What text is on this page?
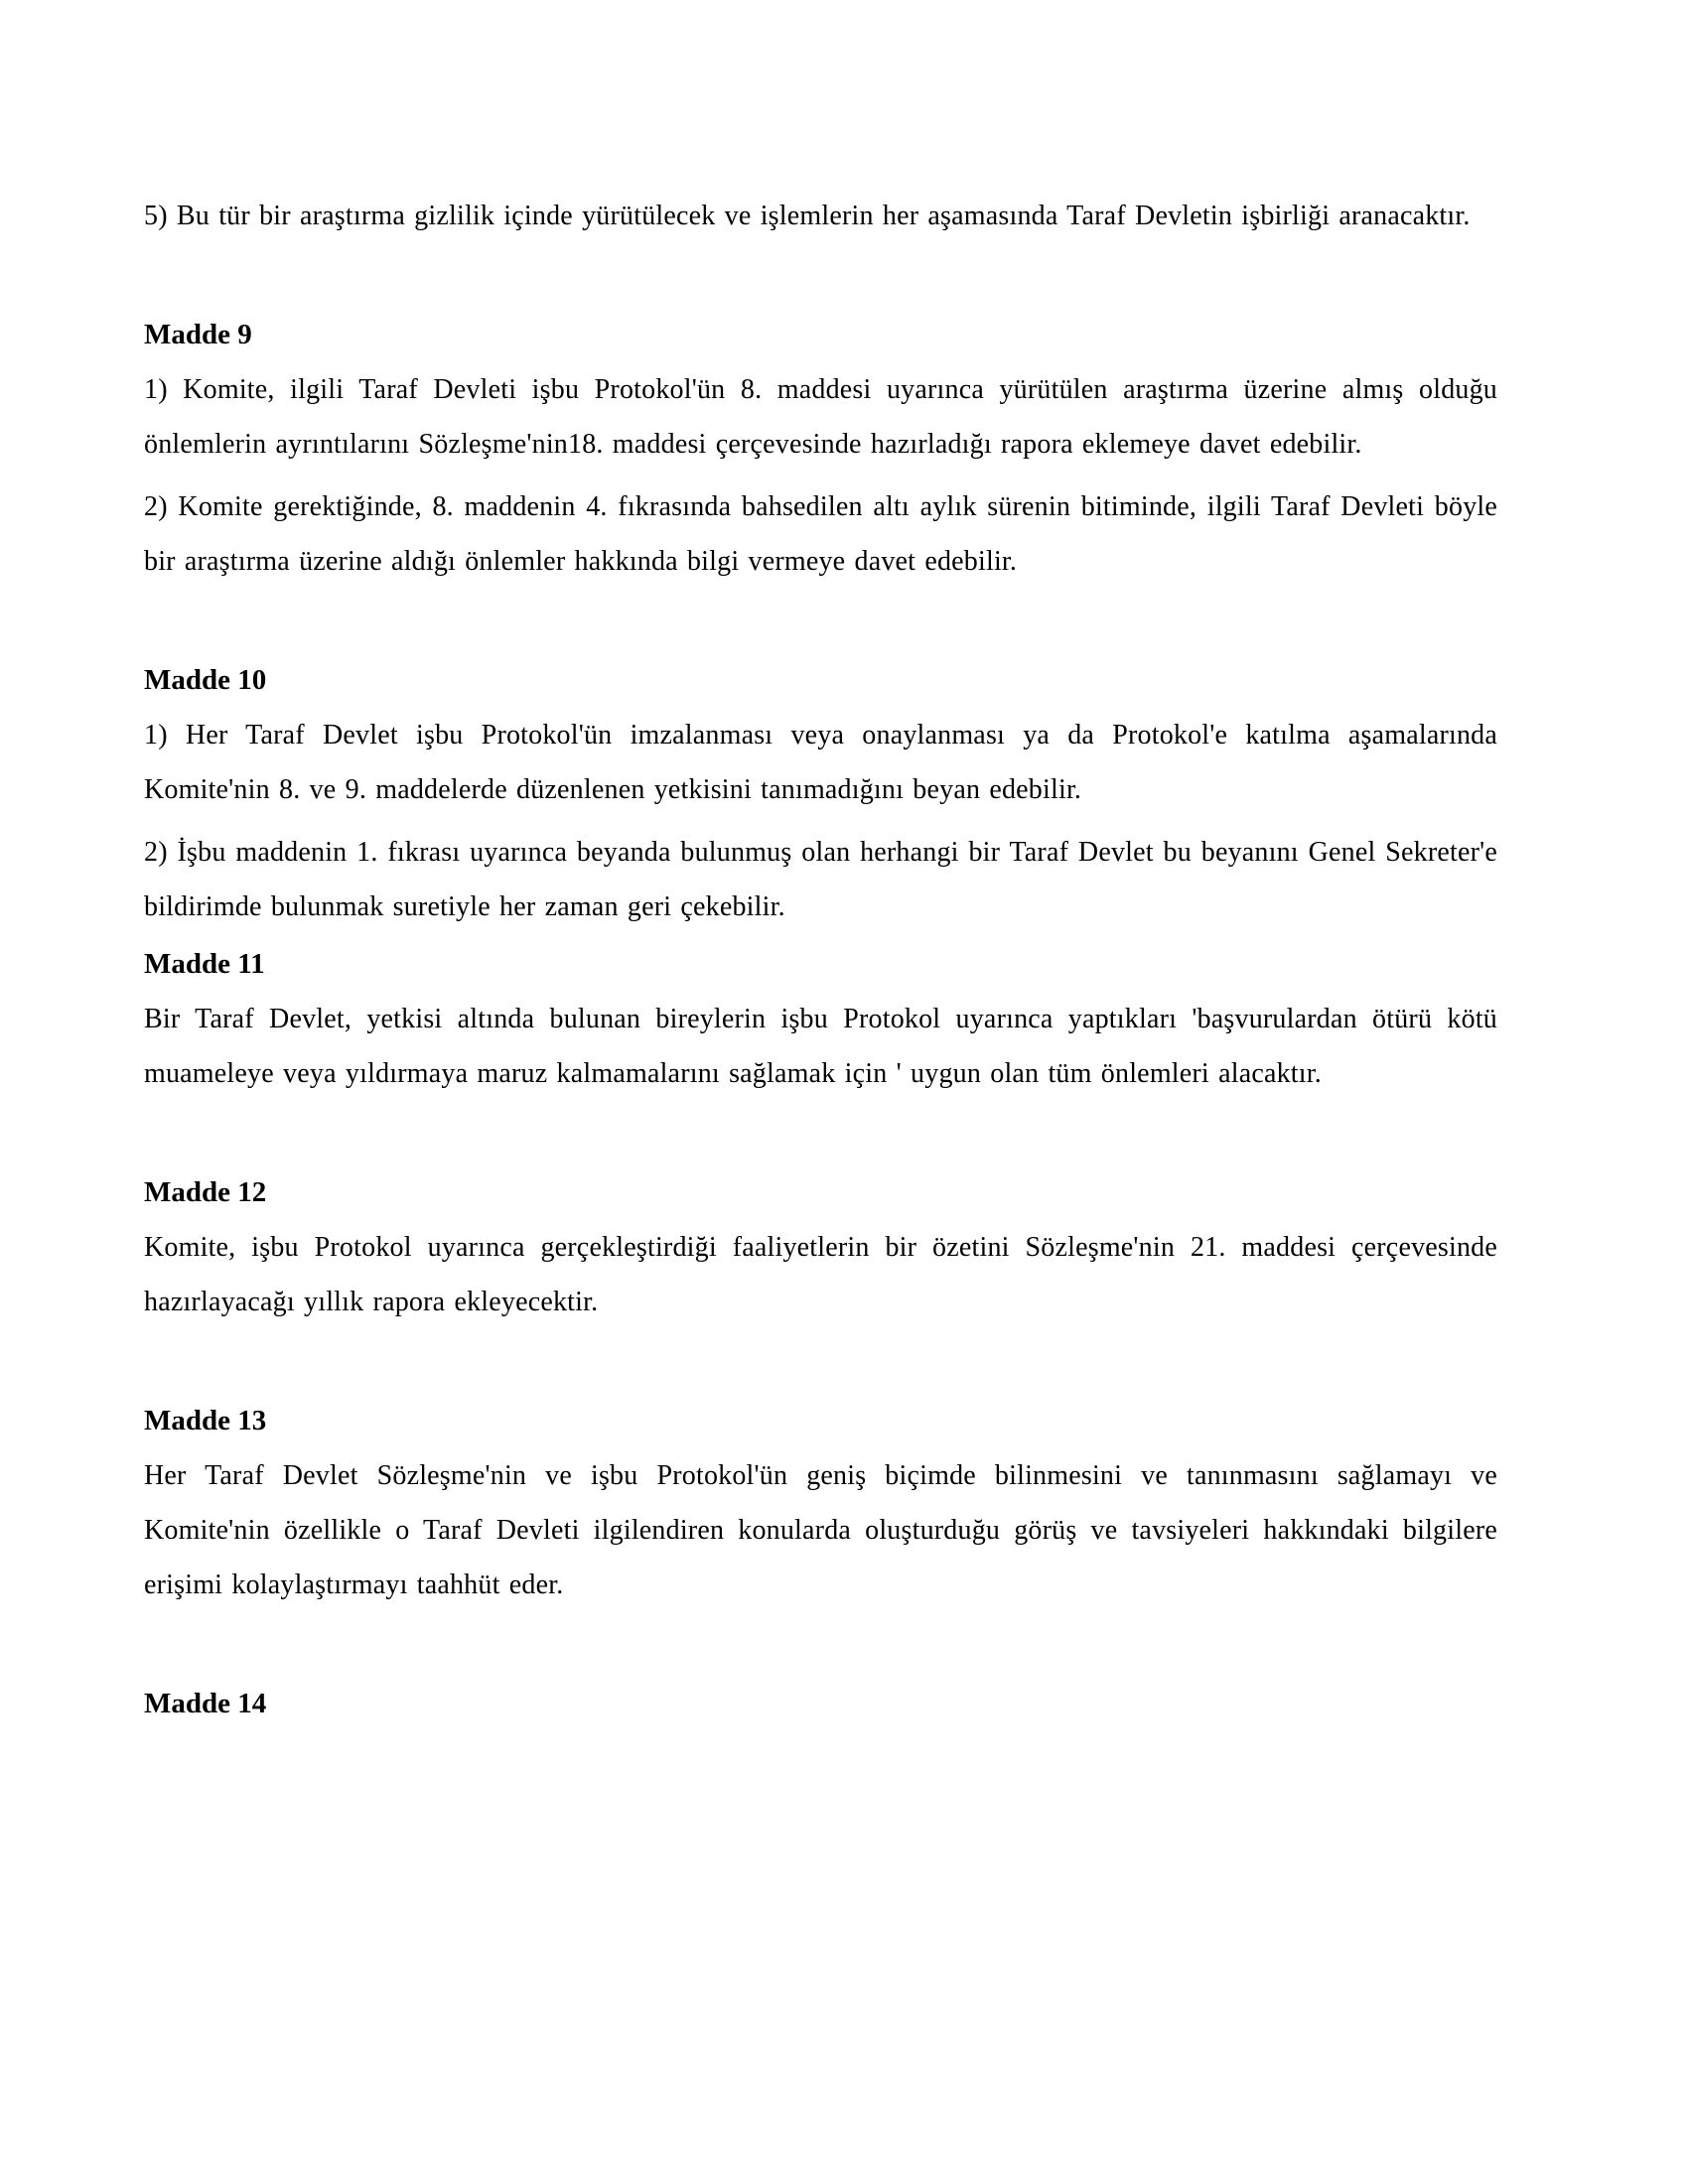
5) Bu tür bir araştırma gizlilik içinde yürütülecek ve işlemlerin her aşamasında Taraf Devletin işbirliği aranacaktır.

Madde 9

1) Komite, ilgili Taraf Devleti işbu Protokol'ün 8. maddesi uyarınca yürütülen araştırma üzerine almış olduğu önlemlerin ayrıntılarını Sözleşme'nin18. maddesi çerçevesinde hazırladığı rapora eklemeye davet edebilir.

2) Komite gerektiğinde, 8. maddenin 4. fıkrasında bahsedilen altı aylık sürenin bitiminde, ilgili Taraf Devleti böyle bir araştırma üzerine aldığı önlemler hakkında bilgi vermeye davet edebilir.

Madde 10

1) Her Taraf Devlet işbu Protokol'ün imzalanması veya onaylanması ya da Protokol'e katılma aşamalarında Komite'nin 8. ve 9. maddelerde düzenlenen yetkisini tanımadığını beyan edebilir.

2) İşbu maddenin 1. fıkrası uyarınca beyanda bulunmuş olan herhangi bir Taraf Devlet bu beyanını Genel Sekreter'e bildirimde bulunmak suretiyle her zaman geri çekebilir.

Madde 11

Bir Taraf Devlet, yetkisi altında bulunan bireylerin işbu Protokol uyarınca yaptıkları 'başvurulardan ötürü kötü muameleye veya yıldırmaya maruz kalmamalarını sağlamak için ' uygun olan tüm önlemleri alacaktır.

Madde 12

Komite, işbu Protokol uyarınca gerçekleştirdiği faaliyetlerin bir özetini Sözleşme'nin 21. maddesi çerçevesinde hazırlayacağı yıllık rapora ekleyecektir.

Madde 13

Her Taraf Devlet Sözleşme'nin ve işbu Protokol'ün geniş biçimde bilinmesini ve tanınmasını sağlamayı ve Komite'nin özellikle o Taraf Devleti ilgilendiren konularda oluşturduğu görüş ve tavsiyeleri hakkındaki bilgilere erişimi kolaylaştırmayı taahhüt eder.

Madde 14
